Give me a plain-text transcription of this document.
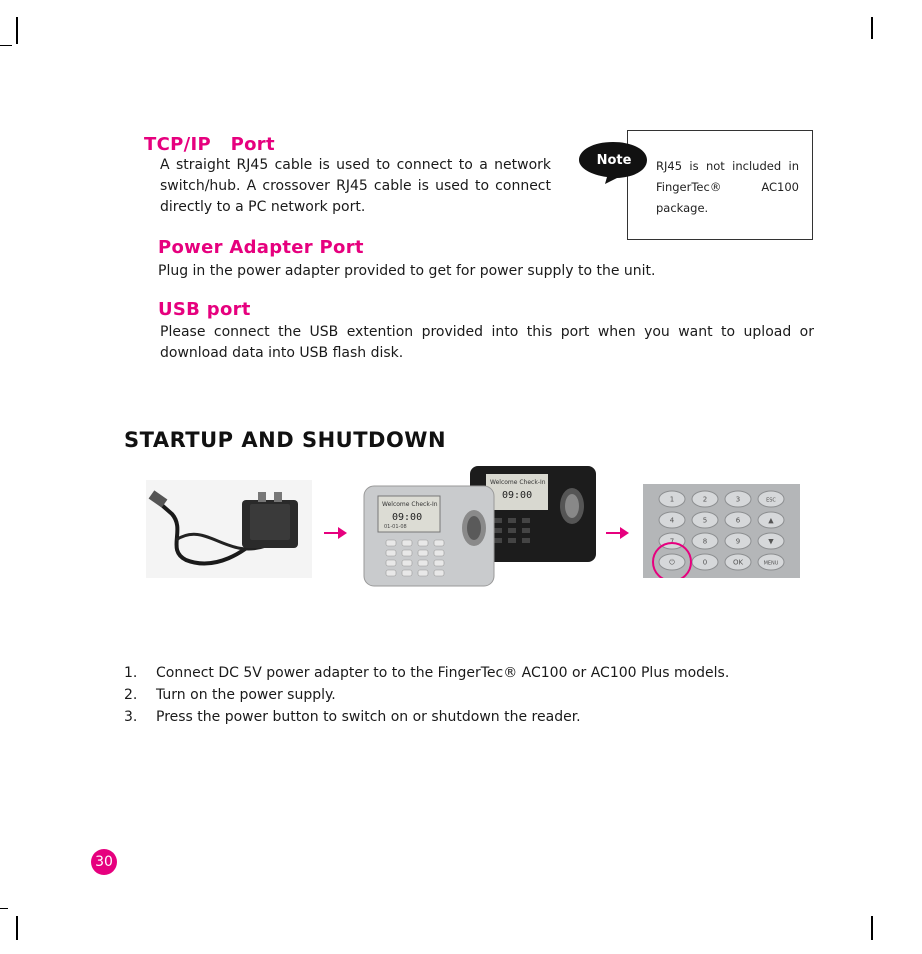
TCP/IP   Port

A straight RJ45 cable is used to connect to a network switch/hub. A crossover RJ45 cable is used to connect directly to a PC network port.

Note	RJ45 is not included in FingerTec® AC100 package.
Power Adapter Port

Plug in the power adapter provided to get for power supply to the unit.

USB port

Please connect the USB extention provided into this port when you want to upload or download data into USB flash disk.

STARTUP AND SHUTDOWN
Welcome Check-In
09:00
Welcome Check-In
09:00
01-01-08
1	2	3	ESC
4	5	6	▲
7	8	9	▼
⏻	0	OK	MENU
1. Connect DC 5V power adapter to to the FingerTec® AC100 or AC100 Plus models.
2. Turn on the power supply.
3. Press the power button to switch on or shutdown the reader.
30
